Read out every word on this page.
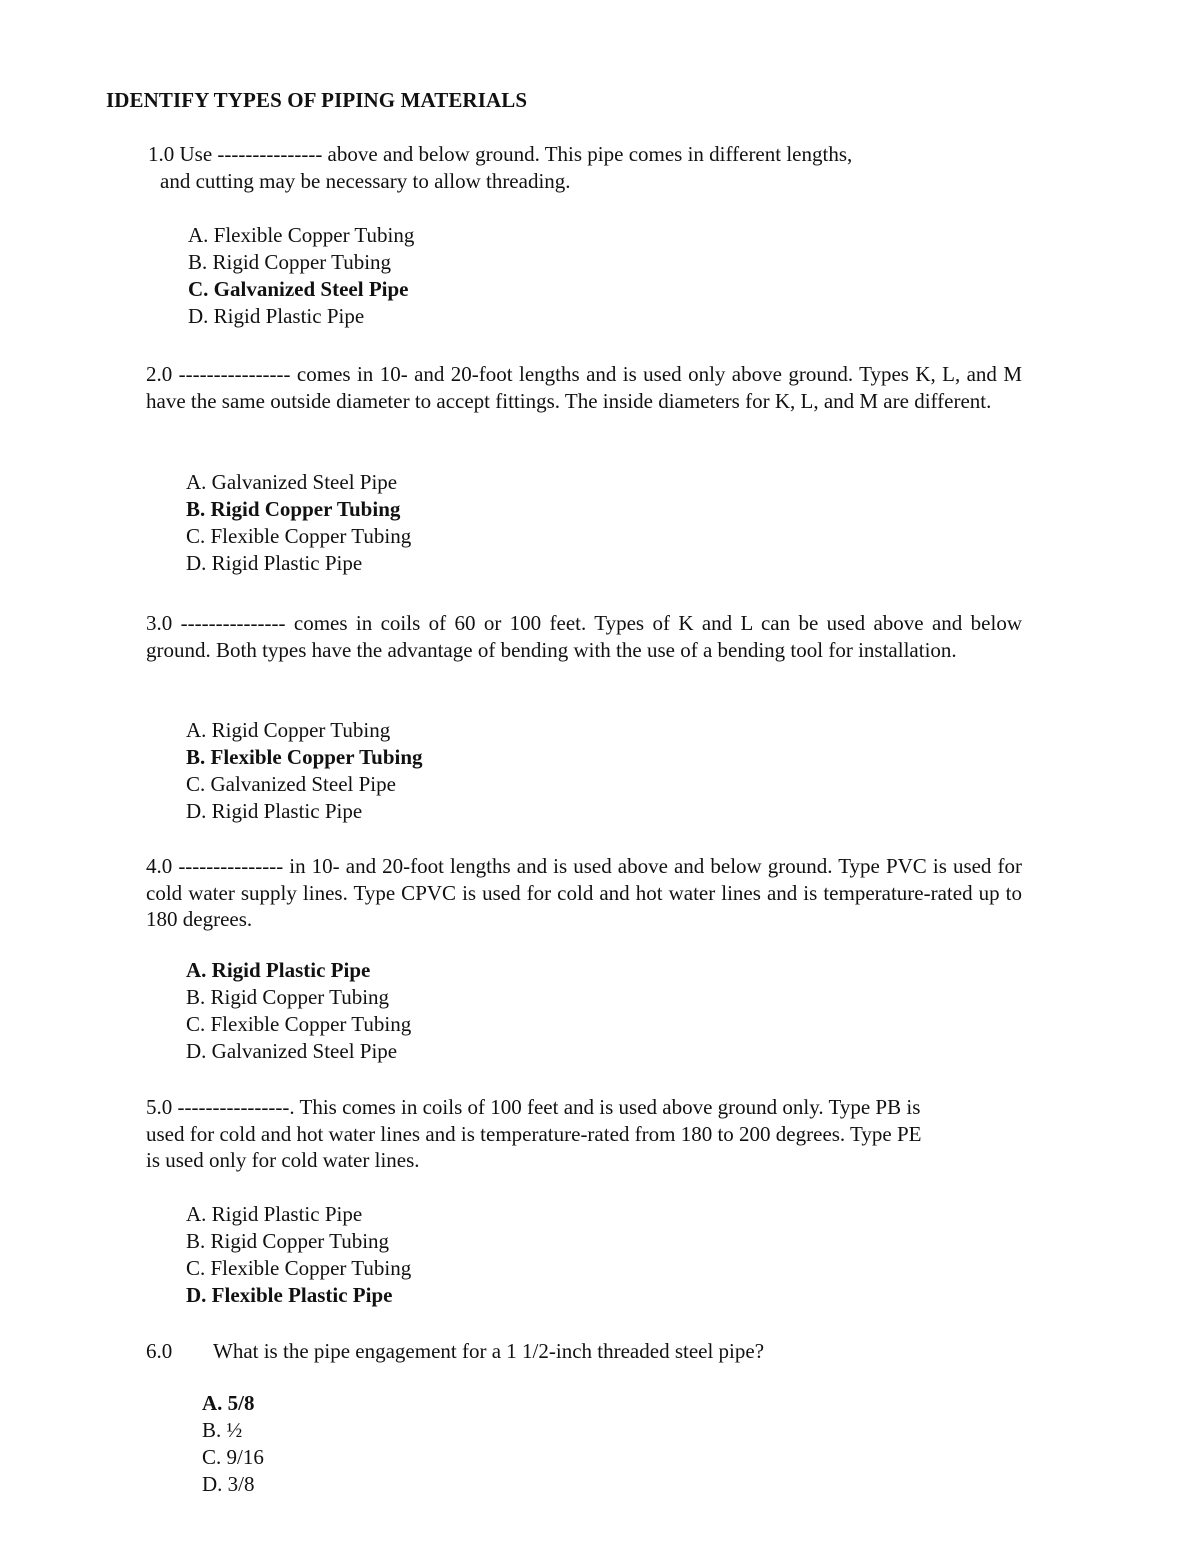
IDENTIFY TYPES OF PIPING MATERIALS

1.0 Use --------------- above and below ground. This pipe comes in different lengths,
and cutting may be necessary to allow threading.

A. Flexible Copper Tubing
B. Rigid Copper Tubing
C. Galvanized Steel Pipe
D. Rigid Plastic Pipe

2.0 ---------------- comes in 10- and 20-foot lengths and is used only above ground. Types K, L, and M have the same outside diameter to accept fittings. The inside diameters for K, L, and M are different.

A. Galvanized Steel Pipe
B. Rigid Copper Tubing
C. Flexible Copper Tubing
D. Rigid Plastic Pipe

3.0 --------------- comes in coils of 60 or 100 feet. Types of K and L can be used above and below ground. Both types have the advantage of bending with the use of a bending tool for installation.

A. Rigid Copper Tubing
B. Flexible Copper Tubing
C. Galvanized Steel Pipe
D. Rigid Plastic Pipe

4.0 --------------- in 10- and 20-foot lengths and is used above and below ground. Type PVC is used for cold water supply lines. Type CPVC is used for cold and hot water lines and is temperature-rated up to 180 degrees.

A. Rigid Plastic Pipe
B. Rigid Copper Tubing
C. Flexible Copper Tubing
D. Galvanized Steel Pipe

5.0 ----------------. This comes in coils of 100 feet and is used above ground only. Type PB is
used for cold and hot water lines and is temperature-rated from 180 to 200 degrees. Type PE
is used only for cold water lines.

A. Rigid Plastic Pipe
B. Rigid Copper Tubing
C. Flexible Copper Tubing
D. Flexible Plastic Pipe

6.0 What is the pipe engagement for a 1 1/2-inch threaded steel pipe?

A. 5/8
B. ½
C. 9/16
D. 3/8
